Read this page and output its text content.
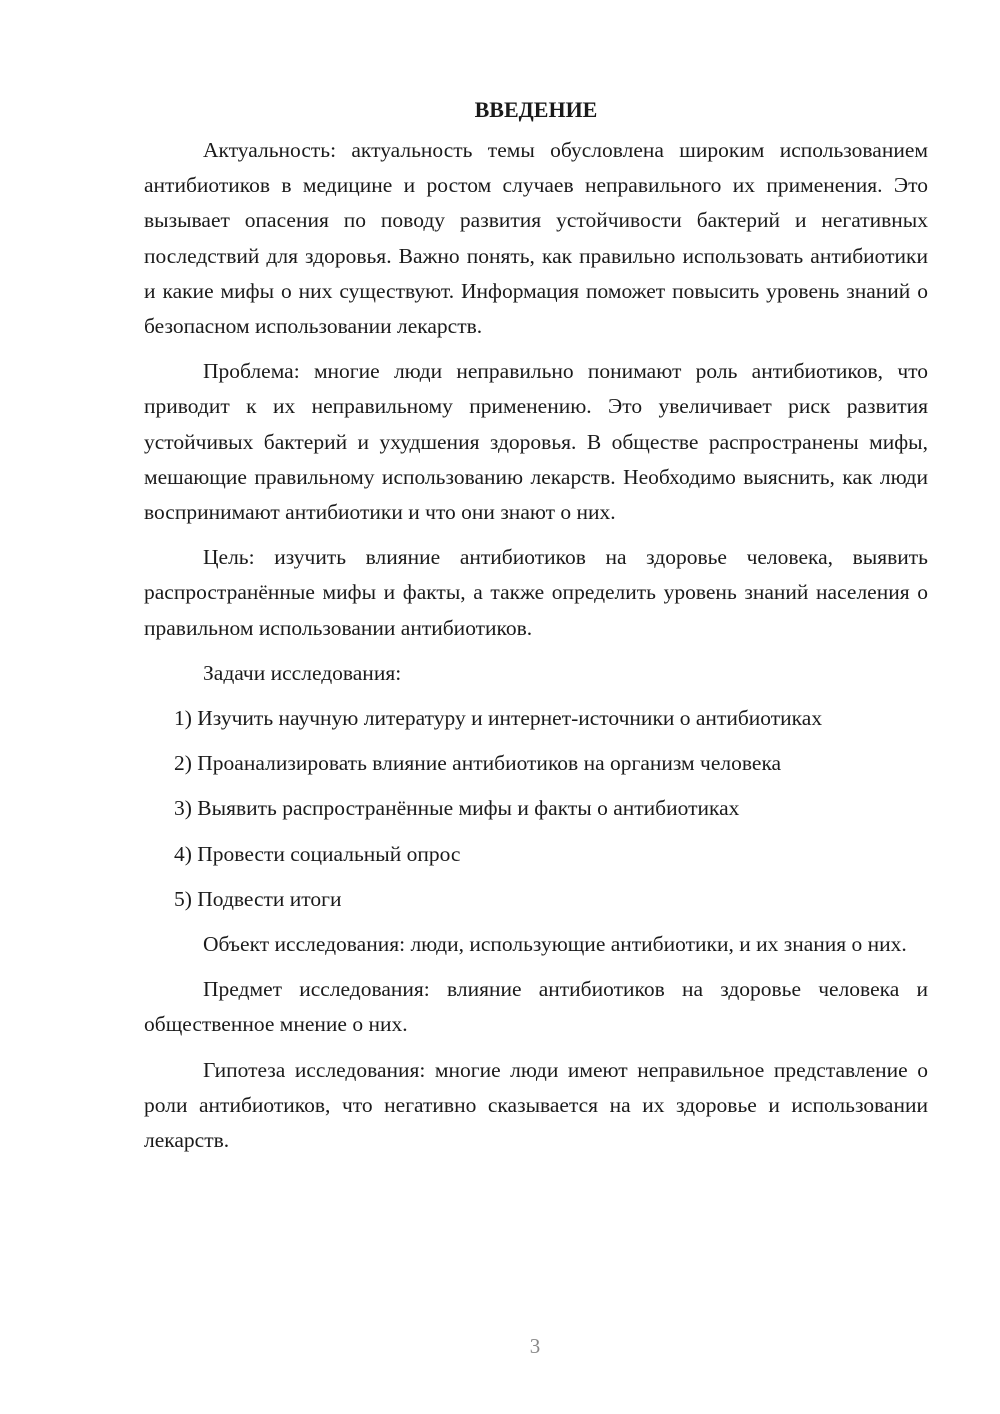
ВВЕДЕНИЕ

Актуальность: актуальность темы обусловлена широким использованием антибиотиков в медицине и ростом случаев неправильного их применения. Это вызывает опасения по поводу развития устойчивости бактерий и негативных последствий для здоровья. Важно понять, как правильно использовать антибиотики и какие мифы о них существуют. Информация поможет повысить уровень знаний о безопасном использовании лекарств.

Проблема: многие люди неправильно понимают роль антибиотиков, что приводит к их неправильному применению. Это увеличивает риск развития устойчивых бактерий и ухудшения здоровья. В обществе распространены мифы, мешающие правильному использованию лекарств. Необходимо выяснить, как люди воспринимают антибиотики и что они знают о них.

Цель: изучить влияние антибиотиков на здоровье человека, выявить распространённые мифы и факты, а также определить уровень знаний населения о правильном использовании антибиотиков.

Задачи исследования:
1) Изучить научную литературу и интернет-источники о антибиотиках
2) Проанализировать влияние антибиотиков на организм человека
3) Выявить распространённые мифы и факты о антибиотиках
4) Провести социальный опрос
5) Подвести итоги

Объект исследования: люди, использующие антибиотики, и их знания о них.

Предмет исследования: влияние антибиотиков на здоровье человека и общественное мнение о них.

Гипотеза исследования: многие люди имеют неправильное представление о роли антибиотиков, что негативно сказывается на их здоровье и использовании лекарств.

3
